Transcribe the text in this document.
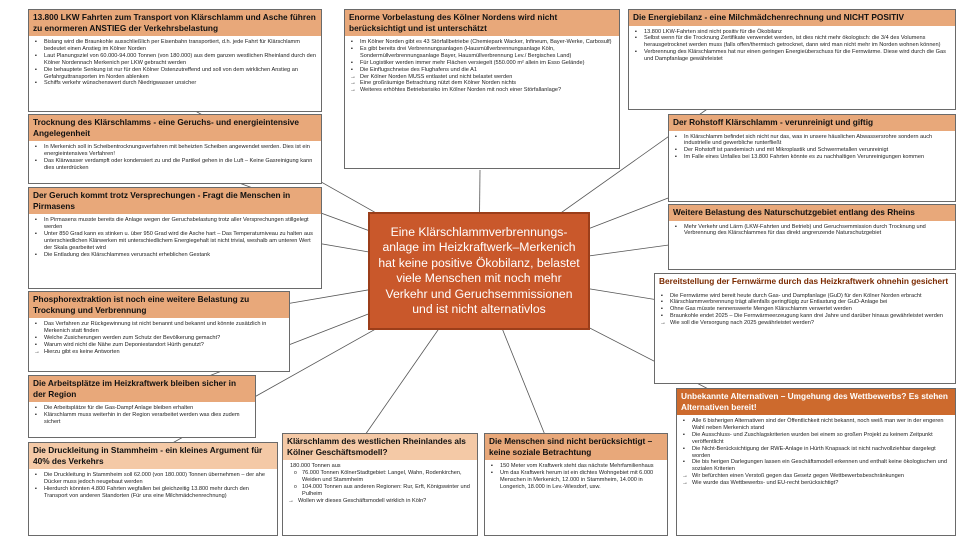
13.800 LKW Fahrten zum Transport von Klärschlamm und Asche führen zu enormeren ANSTIEG der Verkehrsbelastung
▪ Bislang wird die Braunkohle ausschließlich per Eisenbahn transportiert, d.h. jede Fahrt für Klärschlamm bedeutet einen Anstieg im Kölner Norden
▪ Laut Planungsziel von 60.000-94.000 Tonnen (von 180.000) aus dem ganzen westlichen Rheinland durch den Kölner Nordennach Merkenich per LKW gebracht werden
▪ Die behauptete Senkung ist nur für den Kölner Ostenzutreffend und soll von dem wirklichen Anstieg an Gefahrguttransporten im Norden ablenken
▪ Schiffs verkehr wünschenswert durch Niedrigwasser unsicher
Trocknung des Klärschlamms - eine Geruchs- und energieintensive Angelegenheit
▪ In Merkenich soll in Scheibentrocknungsverfahren mit beheizten Scheiben angewendet werden. Dies ist ein energieintensives Verfahren!
▪ Das Klärwasser verdampft oder kondensiert zu und die Partikel gehen in die Luft – Keine Gasreinigung kann dies unterdrücken
Der Geruch kommt trotz Versprechungen - Fragt die Menschen in Pirmasens
▪ In Pirmasens musste bereits die Anlage wegen der Geruchsbelastung trotz aller Versprechungen stillgelegt werden
▪ Unter 850 Grad kann es stinken u. über 950 Grad wird die Asche hart – Das Temperaturniveau zu halten aus unterschiedlichen Klärwerken mit unterschiedlichem Energiegehalt ist nicht trivial, weshalb am unteren Wert der Skala gearbeitet wird
▪ Die Entladung des Klärschlammes verursacht erheblichen Gestank
Phosphorextraktion ist noch eine weitere Belastung zu Trocknung und Verbrennung
▪ Das Verfahren zur Rückgewinnung ist nicht benannt und bekannt und könnte zusätzlich in Merkenich statt finden
▪ Welche Zusicherungen werden zum Schutz der Bevölkerung gemacht?
▪ Warum wird nicht die Nähe zum Deponiestandort Hürth genutzt?
→ Hierzu gibt es keine Antworten
Die Arbeitsplätze im Heizkraftwerk bleiben sicher in der Region
▪ Die Arbeitsplätze für die Gas-Dampf Anlage bleiben erhalten
▪ Klärschlamm muss weiterhin in der Region verarbeitet werden was dies zudem sichert
Die Druckleitung in Stammheim - ein kleines Argument für 40% des Verkehrs
▪ Die Druckleitung in Stammheim soll 62.000 (von 180.000) Tonnen übernehmen – der ahe Dücker muss jedoch neugebaut werden
▪ Hierdurch könnten 4.800 Fahrten wegfallen bei gleichzeitig 13.800 mehr durch den Transport von anderen Standorten (Für uns eine Milchmädchenrechnung)
Klärschlamm des westlichen Rheinlandes als Kölner Geschäftsmodell?
180.000 Tonnen aus
o 76.000 Tonnen KölnerStadtgebiet: Langel, Wahn, Rodenkirchen, Weiden und Stammheim
o 104.000 Tonnen aus anderen Regionen: Rur, Erft, Königswinter und Pulheim
→ Wollen wir dieses Geschäftsmodell wirklich in Köln?
Die Menschen sind nicht berücksichtigt – keine soziale Betrachtung
▪ 150 Meter vom Kraftwerk steht das nächste Mehrfamilienhaus
▪ Um das Kraftwerk herum ist ein dichtes Wohngebiet mit 6.000 Menschen in Merkenich, 12.000 in Stammheim, 14.000 in Longerich, 18.000 in Lev.-Wiesdorf, usw.
Unbekannte Alternativen – Umgehung des Wettbewerbs? Es stehen Alternativen bereit!
▪ Alle 6 bisherigen Alternativen sind der Öffentlichkeit nicht bekannt, noch weiß man wer in der engeren Wahl neben Merkenich stand
▪ Die Ausschluss- und Zuschlagskriterien wurden bei einem so großen Projekt zu keinem Zeitpunkt veröffentlicht
▪ Die Nicht-Berücksichtigung der RWE-Anlage in Hürth Knapsack ist nicht nachvollziehbar dargelegt worden
▪ Die bis herigen Darlegungen lassen ein Geschäftsmodell erkennen und enthalt keine ökologischen und sozialen Kriterien
→ Wir befürchten einen Verstoß gegen das Gesetz gegen Wettbewerbsbeschränkungen
→ Wie wurde das Wettbewerbs- und EU-recht berücksichtigt?
Bereitstellung der Fernwärme durch das Heizkraftwerk ohnehin gesichert
▪ Die Fernwärme wird bereit heute durch Gas- und Dampfanlage (GuD) für den Kölner Norden erbracht
▪ Klärschlammverbrennung trägt allenfalls geringfügig zur Entlastung der GuD-Anlage bei
▪ Ohne Gas müsste nennenswerte Mengen Klärschlamm verwertet werden
▪ Braunkohle endet 2025 – Die Fernwärmeerzeugung kann drei Jahre und darüber hinaus gewährleistet werden
→ Wie soll die Versorgung nach 2025 gewährleistet werden?
Weitere Belastung des Naturschutzgebiet entlang des Rheins
▪ Mehr Verkehr und Lärm (LKW-Fahrten und Betrieb) und Geruchsemmission durch Trocknung und Verbrennung des Klärschlammes für das direkt angrenzende Naturschutzgebiet
Der Rohstoff Klärschlamm - verunreinigt und giftig
▪ In Klärschlamm befindet sich nicht nur das, was in unsere häuslichen Abwassersrohre sondern auch industrielle und gewerbliche runterfließt
▪ Der Rohstoff ist pandemisch und mit Mikroplastik und Schwermetallen verunreinigt
▪ Im Falle eines Unfalles bei 13.800 Fahrten könnte es zu nachhaltigen Verunreinigungen kommen
Die Energiebilanz - eine Milchmädchenrechnung und NICHT POSITIV
▪ 13.800 LKW-Fahrten sind nicht positiv für die Ökobilanz
▪ Selbst wenn für die Trocknung Zertifikate verwendet werden, ist dies nicht mehr ökologisch: die 3/4 des Volumens herausgetrocknet werden muss (falls offen/thermisch getrocknet, dann wird man nicht mehr im Norden wohnen können)
▪ Verbrennung des Klärschlammes hat nur einen geringen Energieüberschuss für die Fernwärme. Diese wird durch die Gas und Dampfanlage gewährleistet
Enorme Vorbelastung des Kölner Nordens wird nicht berücksichtigt und ist unterschätzt
▪ Im Kölner Norden gibt es 43 Störfallbetriebe (Chemiepark Wacker, Infineum, Bayer-Werke, Carbosulf)
▪ Es gibt bereits drei Verbrennungsanlagen (Hausmüllverbrennungsanlage Köln, Sondermüllverbrennungsanlage Bayer, Hausmüllverbrennung Lev./ Bergisches Land)
▪ Für Logistiker werden immer mehr Flächen versiegelt (550.000 m² allein im Esso Gelände)
▪ Die Einflugschneise des Flughafens und die A1
→ Der Kölner Norden MUSS entlastet und nicht belastet werden
→ Eine großräumige Betrachtung nützt dem Kölner Norden nichts
→ Weiteres erhöhtes Betriebsrisiko im Kölner Norden mit noch einer Störfallanlage?
Eine Klärschlammverbrennungs-anlage im Heizkraftwerk–Merkenich hat keine positive Ökobilanz, belastet viele Menschen mit noch mehr Verkehr und Geruchsemmissionen und ist nicht alternativlos
